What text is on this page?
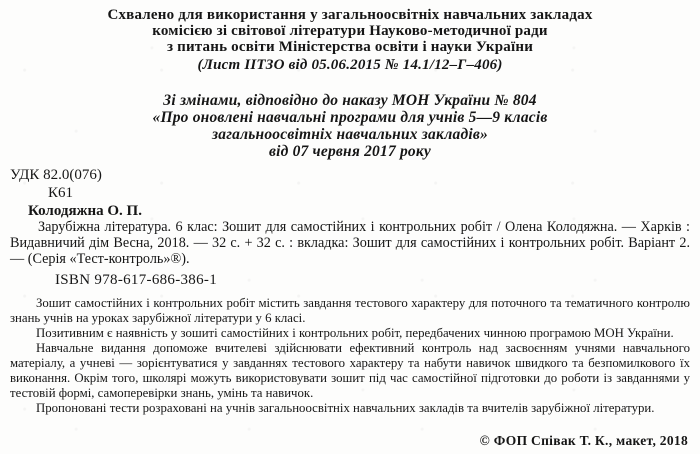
Схвалено для використання у загальноосвітніх навчальних закладах
комісією зі світової літератури Науково-методичної ради
з питань освіти Міністерства освіти і науки України
(Лист ІІТЗО від 05.06.2015 № 14.1/12–Г–406)
Зі змінами, відповідно до наказу МОН України № 804
«Про оновлені навчальні програми для учнів 5—9 класів
загальноосвітніх навчальних закладів»
від 07 червня 2017 року
УДК 82.0(076)
К61
Колодяжна О. П.

Зарубіжна література. 6 клас: Зошит для самостійних і контрольних робіт / Олена Колодяжна. — Харків : Видавничий дім Весна, 2018. — 32 с. + 32 с. : вкладка: Зошит для самостійних і контрольних робіт. Варіант 2. — (Серія «Тест-контроль»®).

ISBN 978-617-686-386-1

Зошит самостійних і контрольних робіт містить завдання тестового характеру для поточного та тематичного контролю знань учнів на уроках зарубіжної літератури у 6 класі.

Позитивним є наявність у зошиті самостійних і контрольних робіт, передбачених чинною програмою МОН України.

Навчальне видання допоможе вчителеві здійснювати ефективний контроль над засвоєнням учнями навчального матеріалу, а учневі — зорієнтуватися у завданнях тестового характеру та набути навичок швидкого та безпомилкового їх виконання. Окрім того, школярі можуть використовувати зошит під час самостійної підготовки до роботи із завданнями у тестовій формі, самоперевірки знань, умінь та навичок.

Пропоновані тести розраховані на учнів загальноосвітніх навчальних закладів та вчителів зарубіжної літератури.

© ФОП Співак Т. К., макет, 2018
